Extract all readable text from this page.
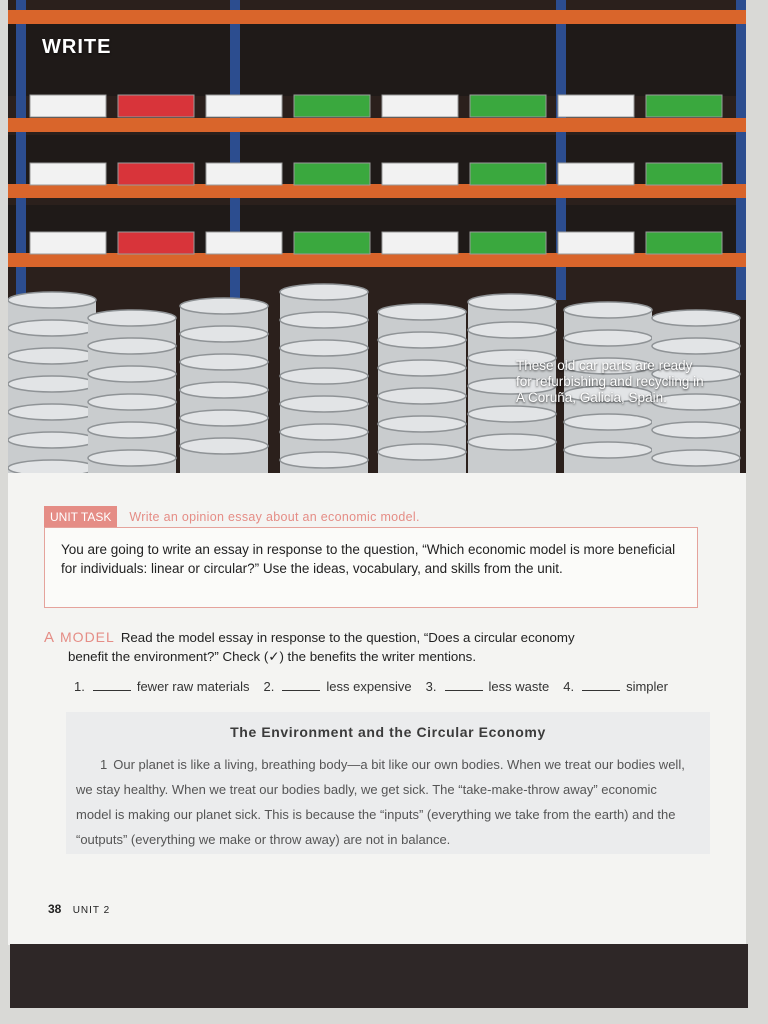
WRITE
These old car parts are ready for refurbishing and recycling in A Coruña, Galicia, Spain.
UNIT TASK	Write an opinion essay about an economic model.
You are going to write an essay in response to the question, “Which economic model is more beneficial for individuals: linear or circular?” Use the ideas, vocabulary, and skills from the unit.
A MODEL Read the model essay in response to the question, “Does a circular economy
benefit the environment?” Check (✓) the benefits the writer mentions.
1.	fewer raw materials 2.	less expensive 3.	less waste 4.	simpler
The Environment and the Circular Economy
1 Our planet is like a living, breathing body—a bit like our own bodies. When we treat our bodies well, we stay healthy. When we treat our bodies badly, we get sick. The “take-make-throw away” economic model is making our planet sick. This is because the “inputs” (everything we take from the earth) and the “outputs” (everything we make or throw away) are not in balance.
38 UNIT 2
